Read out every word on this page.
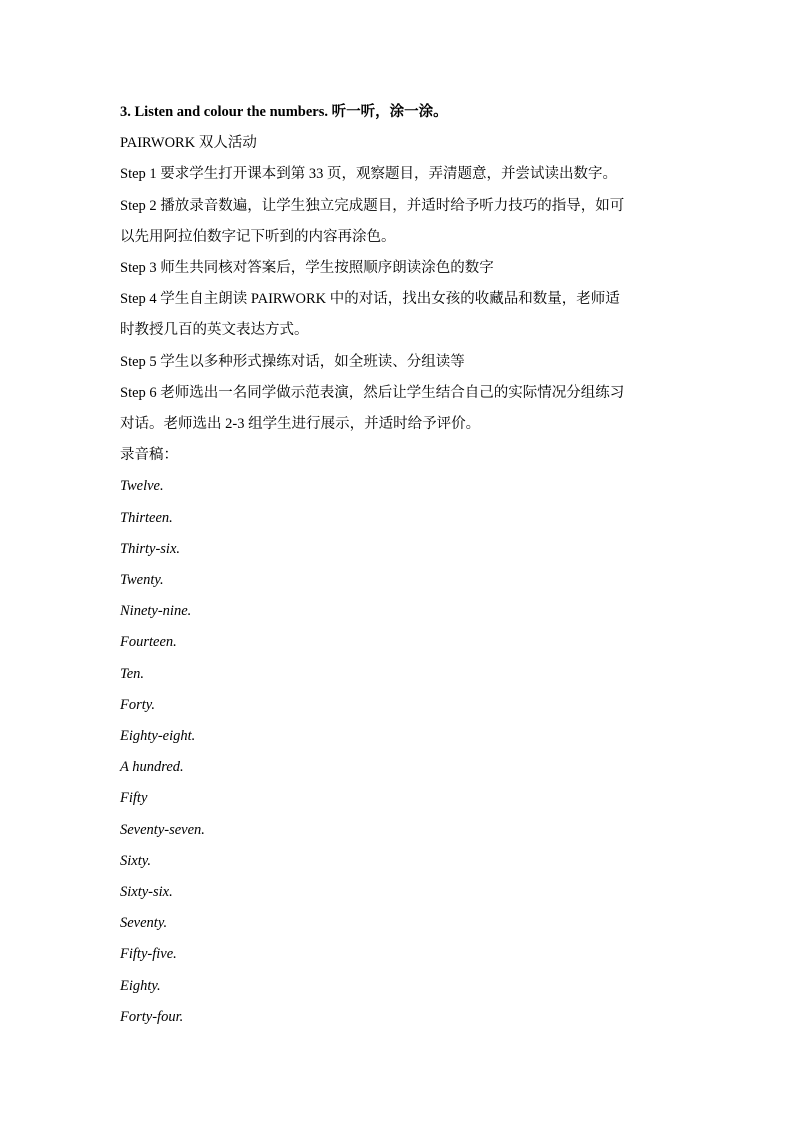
3. Listen and colour the numbers. 听一听，涂一涂。
PAIRWORK 双人活动
Step 1 要求学生打开课本到第 33 页，观察题目，弄清题意，并尝试读出数字。
Step 2 播放录音数遍，让学生独立完成题目，并适时给予听力技巧的指导，如可
以先用阿拉伯数字记下听到的内容再涂色。
Step 3 师生共同核对答案后，学生按照顺序朗读涂色的数字
Step 4 学生自主朗读 PAIRWORK 中的对话，找出女孩的收藏品和数量，老师适
时教授几百的英文表达方式。
Step 5 学生以多种形式操练对话，如全班读、分组读等
Step 6 老师选出一名同学做示范表演，然后让学生结合自己的实际情况分组练习
对话。老师选出 2-3 组学生进行展示，并适时给予评价。
录音稿：
Twelve.
Thirteen.
Thirty-six.
Twenty.
Ninety-nine.
Fourteen.
Ten.
Forty.
Eighty-eight.
A hundred.
Fifty
Seventy-seven.
Sixty.
Sixty-six.
Seventy.
Fifty-five.
Eighty.
Forty-four.
